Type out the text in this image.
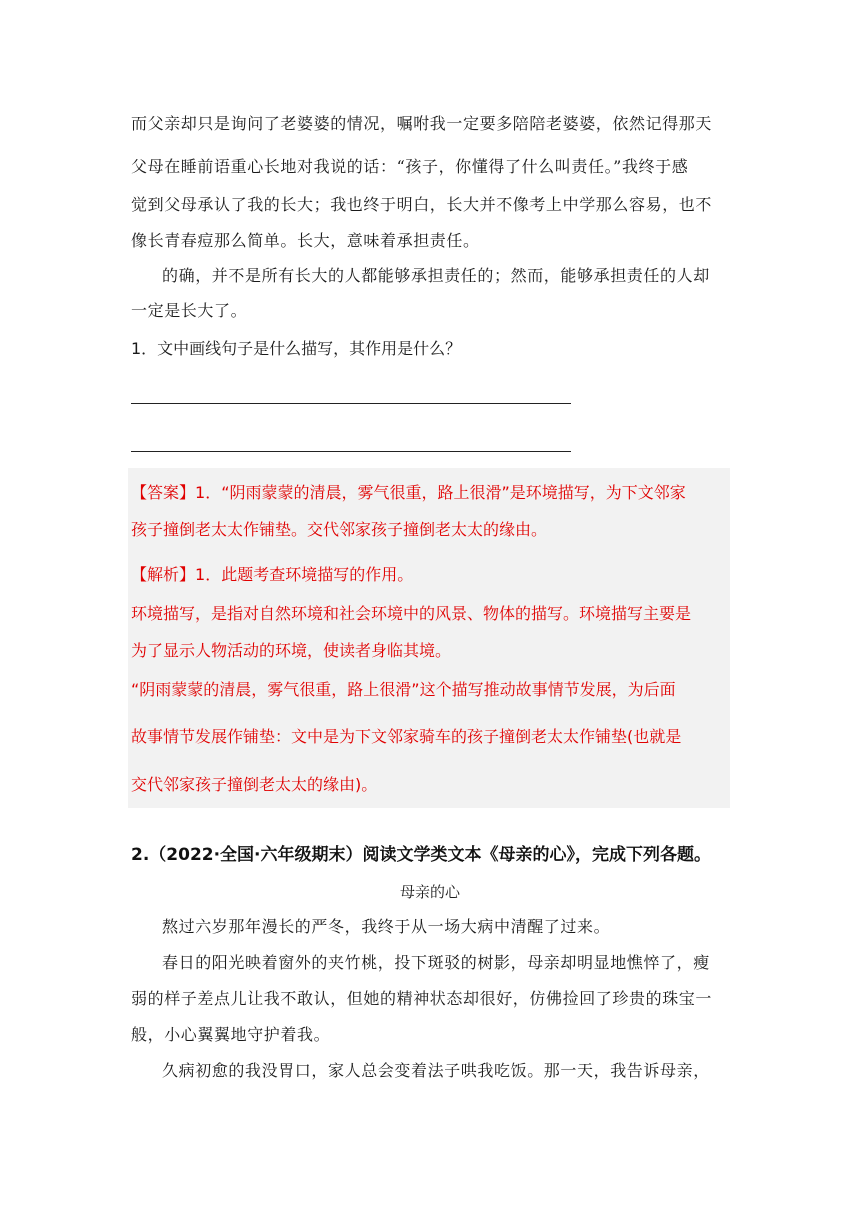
而父亲却只是询问了老婆婆的情况，嘱咐我一定要多陪陪老婆婆，依然记得那天
父母在睡前语重心长地对我说的话：“孩子，你懂得了什么叫责任。”我终于感
觉到父母承认了我的长大；我也终于明白，长大并不像考上中学那么容易，也不
像长青春痘那么简单。长大，意味着承担责任。
的确，并不是所有长大的人都能够承担责任的；然而，能够承担责任的人却
一定是长大了。
1．文中画线句子是什么描写，其作用是什么？
【答案】1．“阴雨蒙蒙的清晨，雾气很重，路上很滑”是环境描写，为下文邻家
孩子撞倒老太太作铺垫。交代邻家孩子撞倒老太太的缘由。
【解析】1．此题考查环境描写的作用。
环境描写，是指对自然环境和社会环境中的风景、物体的描写。环境描写主要是
为了显示人物活动的环境，使读者身临其境。
“阴雨蒙蒙的清晨，雾气很重，路上很滑”这个描写推动故事情节发展，为后面
故事情节发展作铺垫：文中是为下文邻家骑车的孩子撞倒老太太作铺垫(也就是
交代邻家孩子撞倒老太太的缘由)。
2.（2022·全国·六年级期末）阅读文学类文本《母亲的心》，完成下列各题。
母亲的心
熬过六岁那年漫长的严冬，我终于从一场大病中清醒了过来。
春日的阳光映着窗外的夹竹桃，投下斑驳的树影，母亲却明显地憔悴了，瘦
弱的样子差点儿让我不敢认，但她的精神状态却很好，仿佛捡回了珍贵的珠宝一
般，小心翼翼地守护着我。
久病初愈的我没胃口，家人总会变着法子哄我吃饭。那一天，我告诉母亲，
